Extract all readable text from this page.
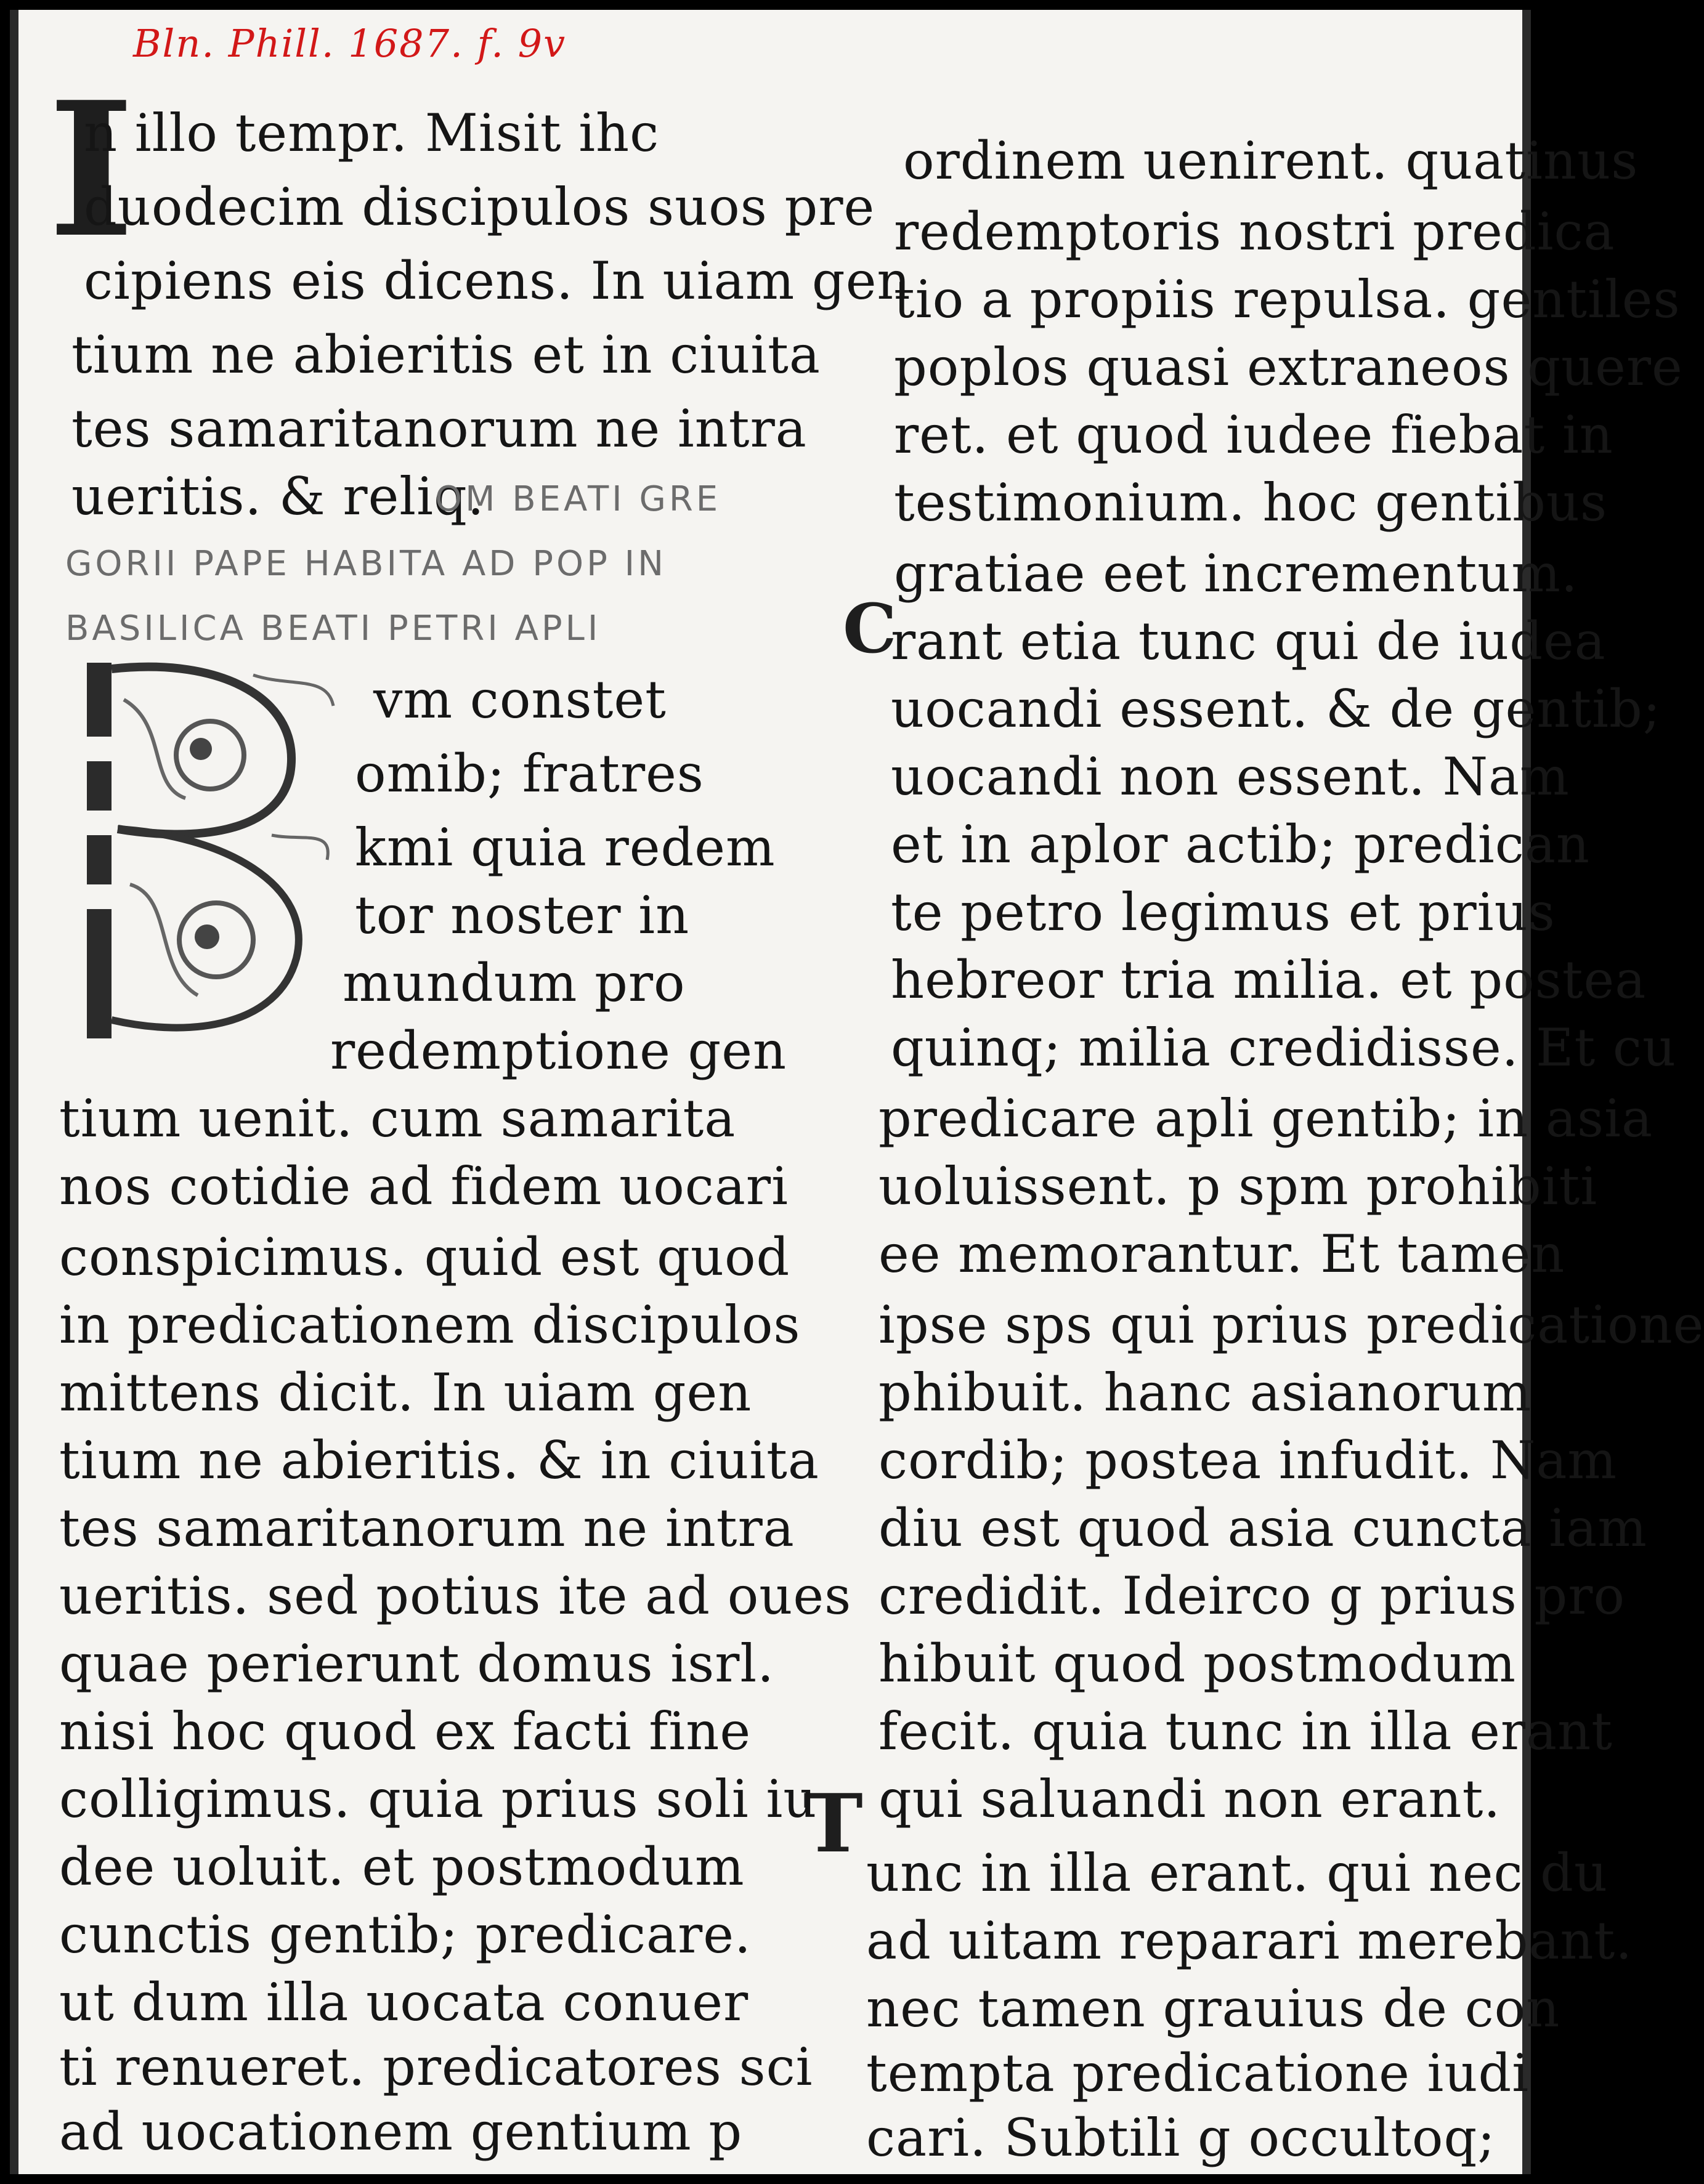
Bln. Phill. 1687. f. 9v
I
C
T
n illo tempr. Misit ihc
duodecim discipulos suos pre
cipiens eis dicens. In uiam gen
tium ne abieritis et in ciuita
tes samaritanorum ne intra
ueritis. & reliq.
OM BEATI GRE
GORII PAPE HABITA AD POP IN
BASILICA BEATI PETRI APLI
vm constet
omib; fratres
kmi quia redem
tor noster in
mundum pro
redemptione gen
tium uenit. cum samarita
nos cotidie ad fidem uocari
conspicimus. quid est quod
in predicationem discipulos
mittens dicit. In uiam gen
tium ne abieritis. & in ciuita
tes samaritanorum ne intra
ueritis. sed potius ite ad oues
quae perierunt domus isrl.
nisi hoc quod ex facti fine
colligimus. quia prius soli iu
dee uoluit. et postmodum
cunctis gentib; predicare.
ut dum illa uocata conuer
ti renueret. predicatores sci
ad uocationem gentium p
ordinem uenirent. quatinus
redemptoris nostri predica
tio a propiis repulsa. gentiles
poplos quasi extraneos quere
ret. et quod iudee fiebat in
testimonium. hoc gentibus
gratiae eet incrementum.
rant etia tunc qui de iudea
uocandi essent. & de gentib;
uocandi non essent. Nam
et in aplor actib; predican
te petro legimus et prius
hebreor tria milia. et postea
quinq; milia credidisse. Et cu
predicare apli gentib; in asia
uoluissent. p spm prohibiti
ee memorantur. Et tamen
ipse sps qui prius predicatione
phibuit. hanc asianorum
cordib; postea infudit. Nam
diu est quod asia cuncta iam
credidit. Ideirco g prius pro
hibuit quod postmodum
fecit. quia tunc in illa erant
qui saluandi non erant.
unc in illa erant. qui nec du
ad uitam reparari merebant.
nec tamen grauius de con
tempta predicatione iudi
cari. Subtili g occultoq;
